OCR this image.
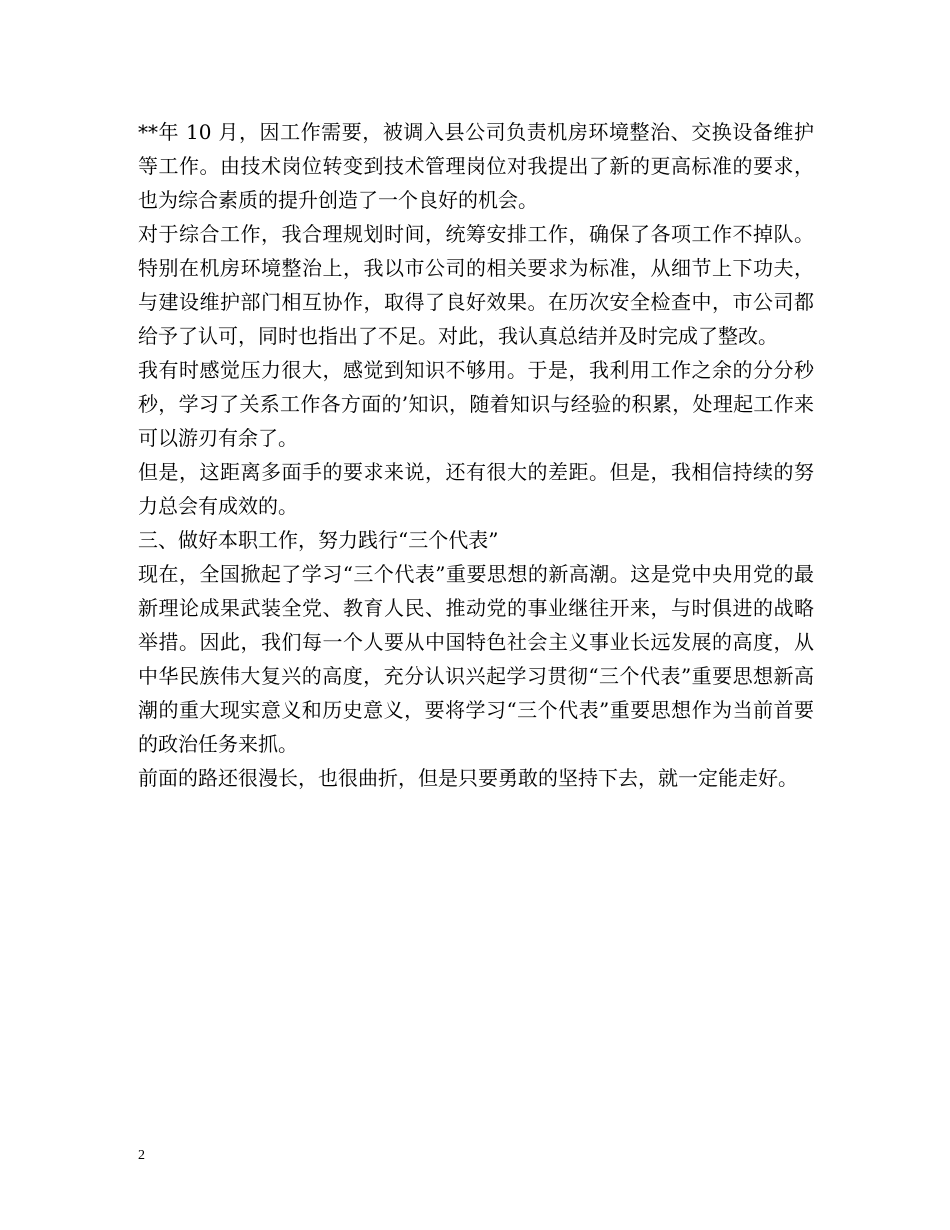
**年 10 月，因工作需要，被调入县公司负责机房环境整治、交换设备维护等工作。由技术岗位转变到技术管理岗位对我提出了新的更高标准的要求，也为综合素质的提升创造了一个良好的机会。

对于综合工作，我合理规划时间，统筹安排工作，确保了各项工作不掉队。特别在机房环境整治上，我以市公司的相关要求为标准，从细节上下功夫，与建设维护部门相互协作，取得了良好效果。在历次安全检查中，市公司都给予了认可，同时也指出了不足。对此，我认真总结并及时完成了整改。

我有时感觉压力很大，感觉到知识不够用。于是，我利用工作之余的分分秒秒，学习了关系工作各方面的’知识，随着知识与经验的积累，处理起工作来可以游刃有余了。

但是，这距离多面手的要求来说，还有很大的差距。但是，我相信持续的努力总会有成效的。

三、做好本职工作，努力践行“三个代表”

现在，全国掀起了学习“三个代表”重要思想的新高潮。这是党中央用党的最新理论成果武装全党、教育人民、推动党的事业继往开来，与时俱进的战略举措。因此，我们每一个人要从中国特色社会主义事业长远发展的高度，从中华民族伟大复兴的高度，充分认识兴起学习贯彻“三个代表”重要思想新高潮的重大现实意义和历史意义，要将学习“三个代表”重要思想作为当前首要的政治任务来抓。

前面的路还很漫长，也很曲折，但是只要勇敢的坚持下去，就一定能走好。

2
